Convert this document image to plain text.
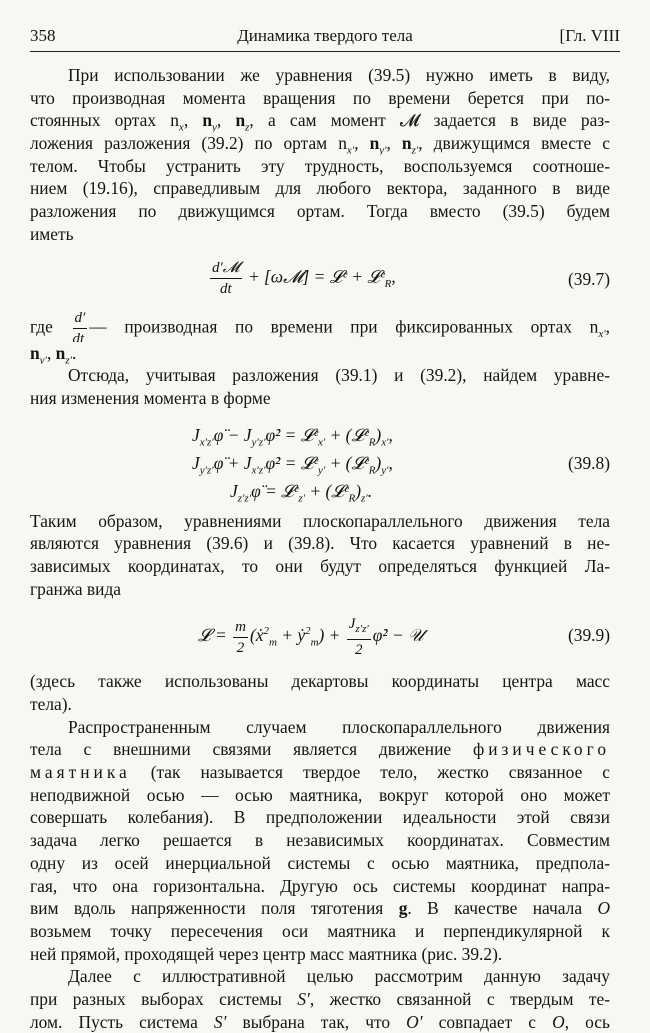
358	Динамика твердого тела	[Гл. VIII
При использовании же уравнения (39.5) нужно иметь в виду,
что производная момента вращения по времени берется при по-
стоянных ортах $n_x$, $n_y$, $n_z$, а сам момент 𝓜 задается в виде раз-
ложения разложения (39.2) по ортам $n_{x'}$, $n_{y'}$, $n_{z'}$, движущимся вместе с
телом. Чтобы устранить эту трудность, воспользуемся соотноше-
нием (19.16), справедливым для любого вектора, заданного в виде
разложения по движущимся ортам. Тогда вместо (39.5) будем
иметь
$\frac{\text{d′𝓜}}{dt}$ + [ω𝓜] = 𝓛ᵉ + 𝓛ᵉ$_R$,	(39.7)
где $\frac{d'}{dt}$ — производная по времени при фиксированных ортах $n_{x'}$,
$n_{y'}$, $n_{z'}$.
Отсюда, учитывая разложения (39.1) и (39.2), найдем уравне-
ния изменения момента в форме
$J_{x'z'}\varphï$ − $J_{y'z'}\varphi̇^2$ = 𝓛ᵉ$_{x'}$ + $(𝓛ᵉ_R)_{x'}$,
$J_{y'z'}\varphï$ + $J_{x'z'}\varphi̇^2$ = 𝓛ᵉ$_{y'}$ + $(𝓛ᵉ_R)_{y'}$,
$J_{z'z'}\varphï$ = 𝓛ᵉ$_{z'}$ + $(𝓛ᵉ_R)_{z'}$.
(39.8)
Таким образом, уравнениями плоскопараллельного движения тела
являются уравнения (39.6) и (39.8). Что касается уравнений в не-
зависимых координатах, то они будут определяться функцией Ла-
гранжа вида
𝓛 = $\frac{m}{2}$ (ẋ$^2_m$ + ẏ$^2_m$) + $\frac{J_{z'z'}}{2}$ φ̇² − 𝒰	(39.9)
(здесь также использованы декартовы координаты центра масс
тела).
Распространенным случаем плоскопараллельного движения
тела с внешними связями является движение физического
маятника (так называется твердое тело, жестко связанное с
неподвижной осью — осью маятника, вокруг которой оно может
совершать колебания). В предположении идеальности этой связи
задача легко решается в независимых координатах. Совместим
одну из осей инерциальной системы с осью маятника, предпола-
гая, что она горизонтальна. Другую ось системы координат напра-
вим вдоль напряженности поля тяготения g. В качестве начала O
возьмем точку пересечения оси маятника и перпендикулярной к
ней прямой, проходящей через центр масс маятника (рис. 39.2).
Далее с иллюстративной целью рассмотрим данную задачу
при разных выборах системы S′, жестко связанной с твердым те-
лом. Пусть система S′ выбрана так, что O′ совпадает с O, ось
